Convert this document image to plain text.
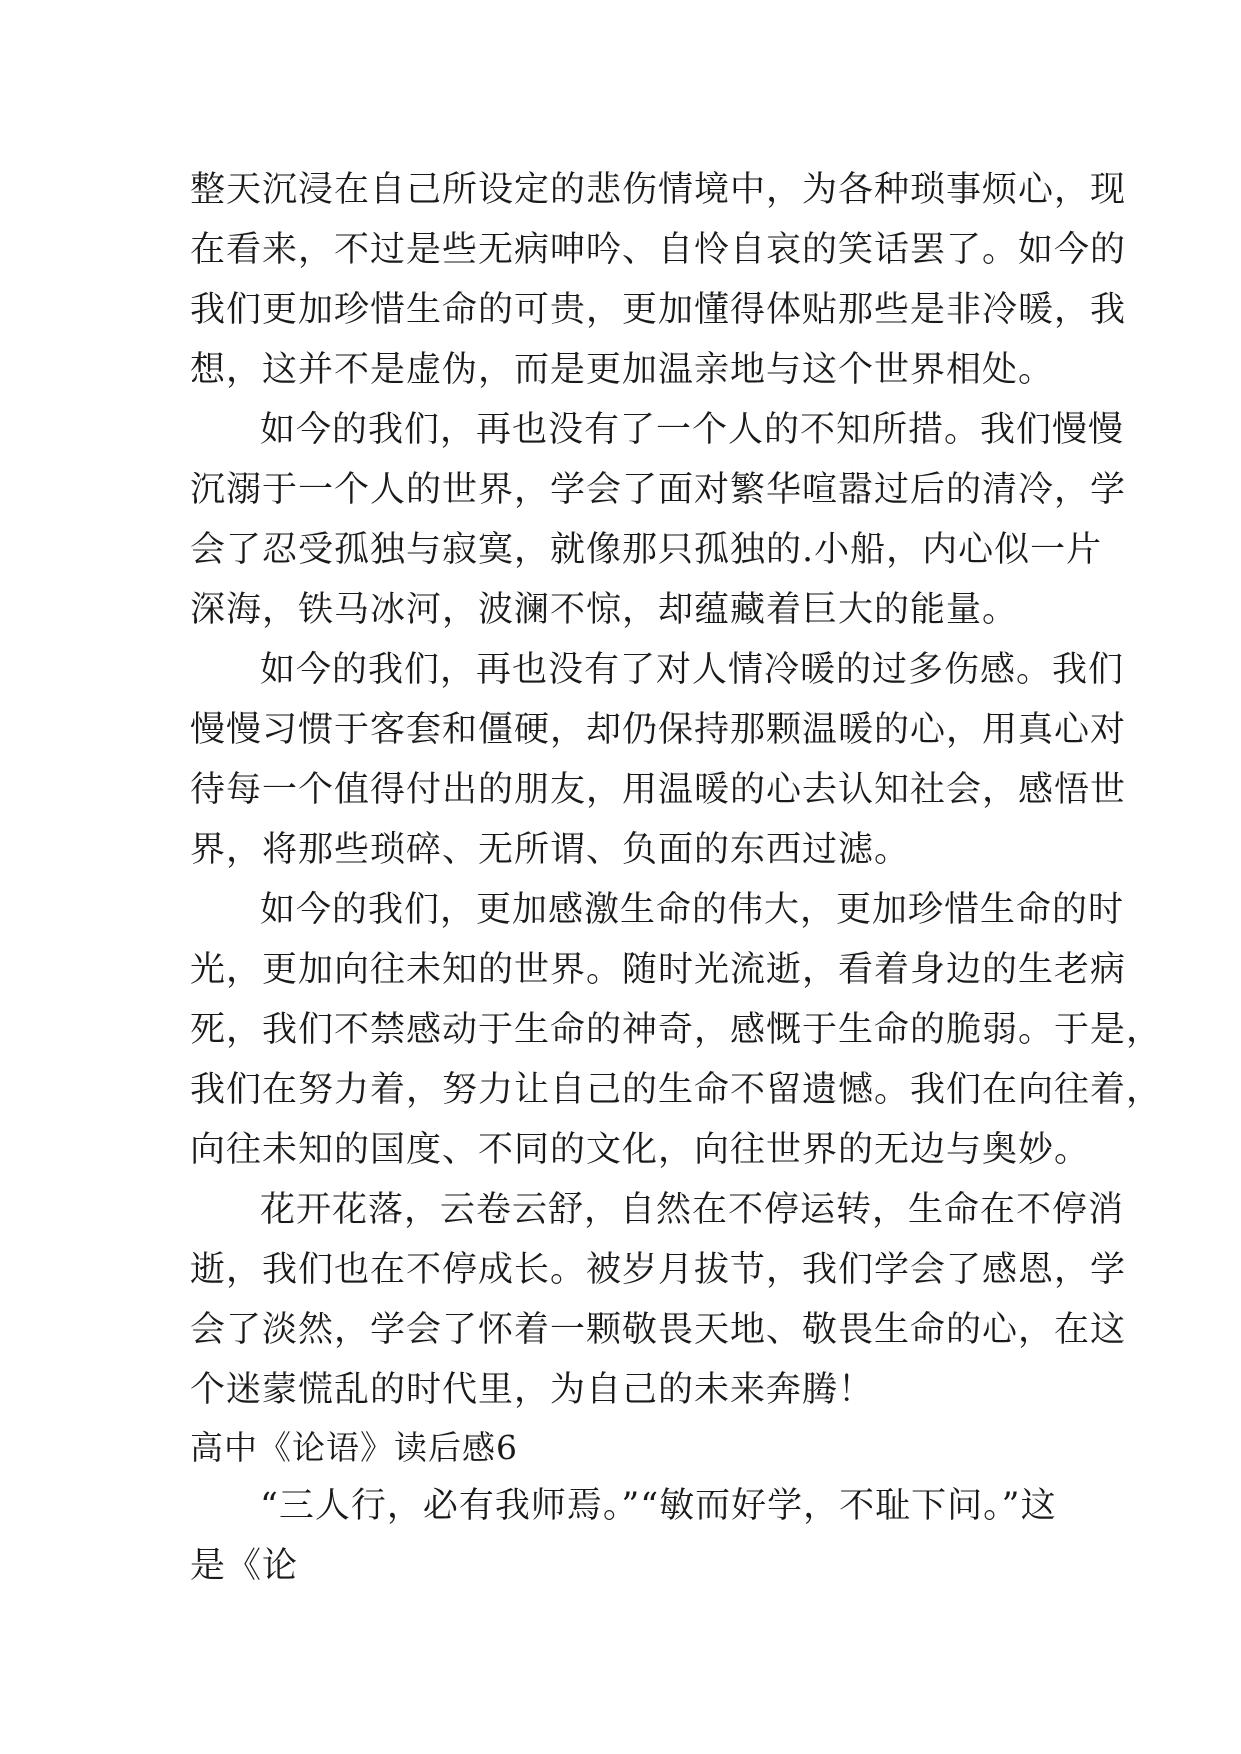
整天沉浸在自己所设定的悲伤情境中，为各种琐事烦心，现
在看来，不过是些无病呻吟、自怜自哀的笑话罢了。如今的
我们更加珍惜生命的可贵，更加懂得体贴那些是非冷暖，我
想，这并不是虚伪，而是更加温亲地与这个世界相处。
如今的我们，再也没有了一个人的不知所措。我们慢慢
沉溺于一个人的世界，学会了面对繁华喧嚣过后的清冷，学
会了忍受孤独与寂寞，就像那只孤独的.小船，内心似一片
深海，铁马冰河，波澜不惊，却蕴藏着巨大的能量。
如今的我们，再也没有了对人情冷暖的过多伤感。我们
慢慢习惯于客套和僵硬，却仍保持那颗温暖的心，用真心对
待每一个值得付出的朋友，用温暖的心去认知社会，感悟世
界，将那些琐碎、无所谓、负面的东西过滤。
如今的我们，更加感激生命的伟大，更加珍惜生命的时
光，更加向往未知的世界。随时光流逝，看着身边的生老病
死，我们不禁感动于生命的神奇，感慨于生命的脆弱。于是，
我们在努力着，努力让自己的生命不留遗憾。我们在向往着，
向往未知的国度、不同的文化，向往世界的无边与奥妙。
花开花落，云卷云舒，自然在不停运转，生命在不停消
逝，我们也在不停成长。被岁月拔节，我们学会了感恩，学
会了淡然，学会了怀着一颗敬畏天地、敬畏生命的心，在这
个迷蒙慌乱的时代里，为自己的未来奔腾！
高中《论语》读后感6
“三人行，必有我师焉。”“敏而好学，不耻下问。”这
是《论
